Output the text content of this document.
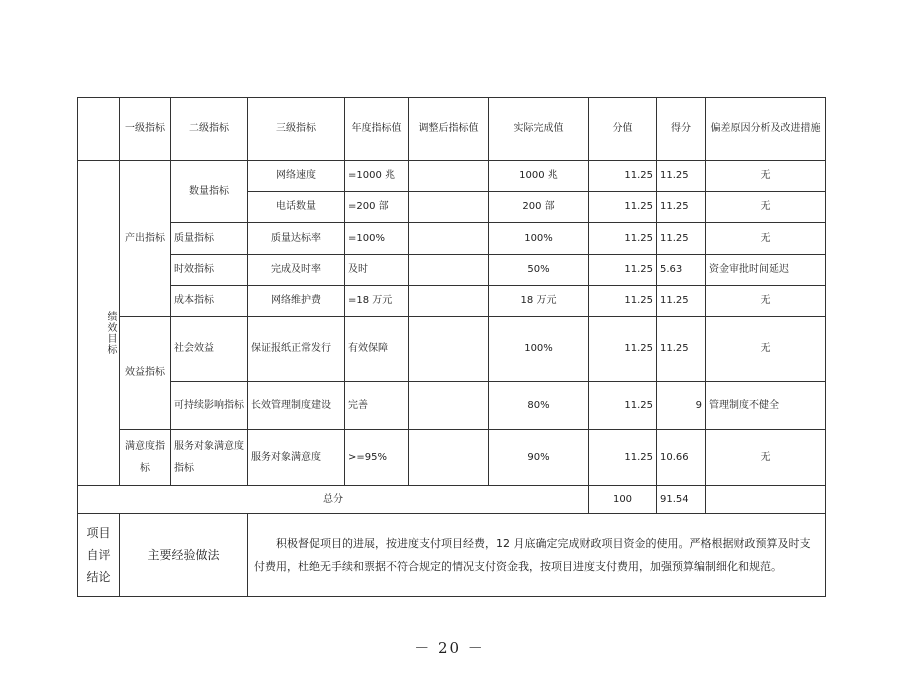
	一级指标	二级指标	三级指标	年度指标值	调整后指标值	实际完成值	分值	得分	偏差原因分析及改进措施
绩效目标	产出指标	数量指标	网络速度	=1000 兆		1000 兆	11.25	11.25	无
			电话数量	=200 部		200 部	11.25	11.25	无
		质量指标	质量达标率	=100%		100%	11.25	11.25	无
		时效指标	完成及时率	及时		50%	11.25	5.63	资金审批时间延迟
		成本指标	网络维护费	=18 万元		18 万元	11.25	11.25	无
	效益指标	社会效益	保证报纸正常发行	有效保障		100%	11.25	11.25	无
		可持续影响指标	长效管理制度建设	完善		80%	11.25	9	管理制度不健全
	满意度指标	服务对象满意度指标	服务对象满意度	>=95%		90%	11.25	10.66	无
总分							100	91.54	
项目自评结论	主要经验做法		积极督促项目的进展，按进度支付项目经费，12 月底确定完成财政项目资金的使用。严格根据财政预算及时支付费用，杜绝无手续和票据不符合规定的情况支付资金我，按项目进度支付费用，加强预算编制细化和规范。						
－ 20 －
